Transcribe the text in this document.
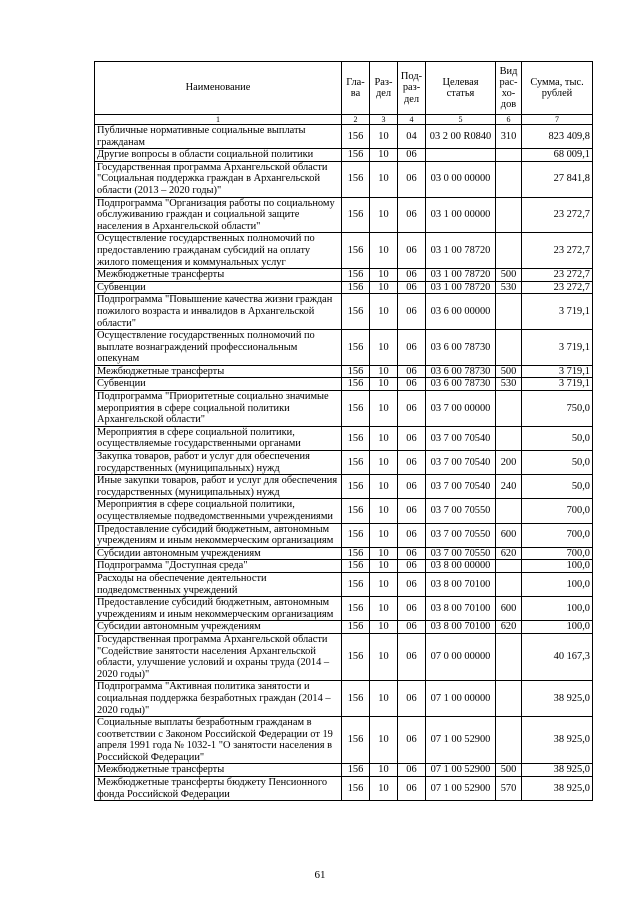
Наименование	Гла-ва	Раз-дел	Под-раз-дел	Целевая статья	Вид рас-хо-дов	Сумма, тыс. рублей
1	2	3	4	5	6	7
Публичные нормативные социальные выплаты гражданам	156	10	04	03 2 00 R0840	310	823 409,8
Другие вопросы в области социальной политики	156	10	06			68 009,1
Государственная программа Архангельской области "Социальная поддержка граждан в Архангельской области (2013 – 2020 годы)"	156	10	06	03 0 00 00000		27 841,8
Подпрограмма "Организация работы по социальному обслуживанию граждан и социальной защите населения в Архангельской области"	156	10	06	03 1 00 00000		23 272,7
Осуществление государственных полномочий по предоставлению гражданам субсидий на оплату жилого помещения и коммунальных услуг	156	10	06	03 1 00 78720		23 272,7
Межбюджетные трансферты	156	10	06	03 1 00 78720	500	23 272,7
Субвенции	156	10	06	03 1 00 78720	530	23 272,7
Подпрограмма "Повышение качества жизни граждан пожилого возраста и инвалидов в Архангельской области"	156	10	06	03 6 00 00000		3 719,1
Осуществление государственных полномочий по выплате вознаграждений профессиональным опекунам	156	10	06	03 6 00 78730		3 719,1
Межбюджетные трансферты	156	10	06	03 6 00 78730	500	3 719,1
Субвенции	156	10	06	03 6 00 78730	530	3 719,1
Подпрограмма "Приоритетные социально значимые мероприятия в сфере социальной политики Архангельской области"	156	10	06	03 7 00 00000		750,0
Мероприятия в сфере социальной политики, осуществляемые государственными органами	156	10	06	03 7 00 70540		50,0
Закупка товаров, работ и услуг для обеспечения государственных (муниципальных) нужд	156	10	06	03 7 00 70540	200	50,0
Иные закупки товаров, работ и услуг для обеспечения государственных (муниципальных) нужд	156	10	06	03 7 00 70540	240	50,0
Мероприятия в сфере социальной политики, осуществляемые подведомственными учреждениями	156	10	06	03 7 00 70550		700,0
Предоставление субсидий бюджетным, автономным учреждениям и иным некоммерческим организациям	156	10	06	03 7 00 70550	600	700,0
Субсидии автономным учреждениям	156	10	06	03 7 00 70550	620	700,0
Подпрограмма "Доступная среда"	156	10	06	03 8 00 00000		100,0
Расходы на обеспечение деятельности подведомственных учреждений	156	10	06	03 8 00 70100		100,0
Предоставление субсидий бюджетным, автономным учреждениям и иным некоммерческим организациям	156	10	06	03 8 00 70100	600	100,0
Субсидии автономным учреждениям	156	10	06	03 8 00 70100	620	100,0
Государственная программа Архангельской области "Содействие занятости населения Архангельской области, улучшение условий и охраны труда (2014 – 2020 годы)"	156	10	06	07 0 00 00000		40 167,3
Подпрограмма "Активная политика занятости и социальная поддержка безработных граждан (2014 – 2020 годы)"	156	10	06	07 1 00 00000		38 925,0
Социальные выплаты безработным гражданам в соответствии с Законом Российской Федерации от 19 апреля 1991 года № 1032-1 "О занятости населения в Российской Федерации"	156	10	06	07 1 00 52900		38 925,0
Межбюджетные трансферты	156	10	06	07 1 00 52900	500	38 925,0
Межбюджетные трансферты бюджету Пенсионного фонда Российской Федерации	156	10	06	07 1 00 52900	570	38 925,0
61
